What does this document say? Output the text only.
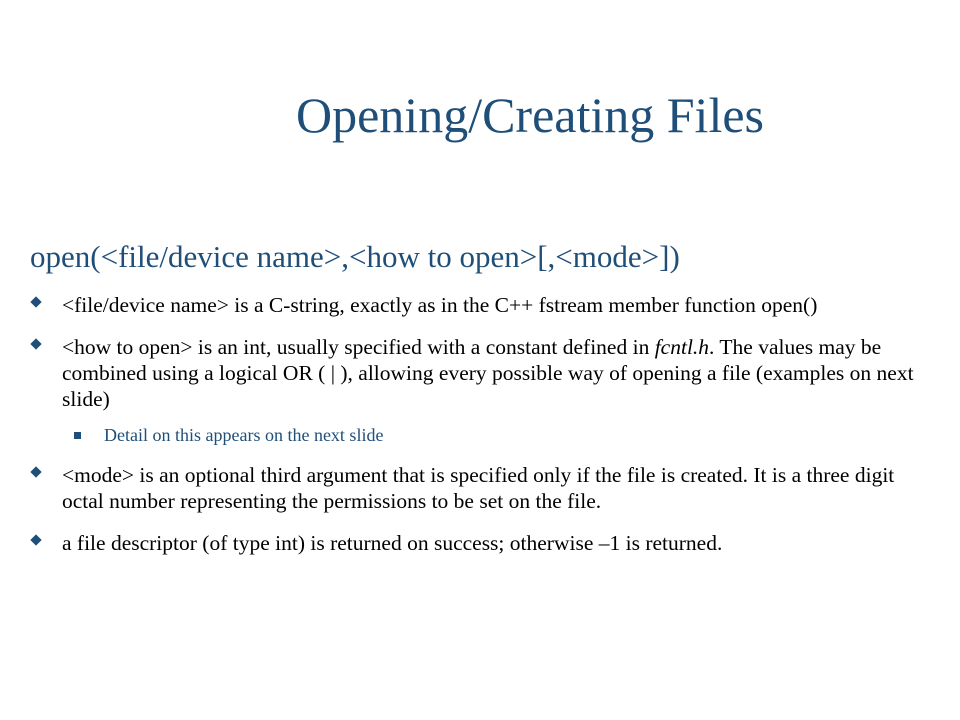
Opening/Creating Files
open(<file/device name>,<how to open>[,<mode>])
<file/device name> is a C-string, exactly as in the C++ fstream member function open()
<how to open> is an int, usually specified with a constant defined in fcntl.h. The values may be combined using a logical OR ( | ), allowing every possible way of opening a file (examples on next slide)
Detail on this appears on the next slide
<mode> is an optional third argument that is specified only if the file is created. It is a three digit octal number representing the permissions to be set on the file.
a file descriptor (of type int) is returned on success; otherwise –1 is returned.
